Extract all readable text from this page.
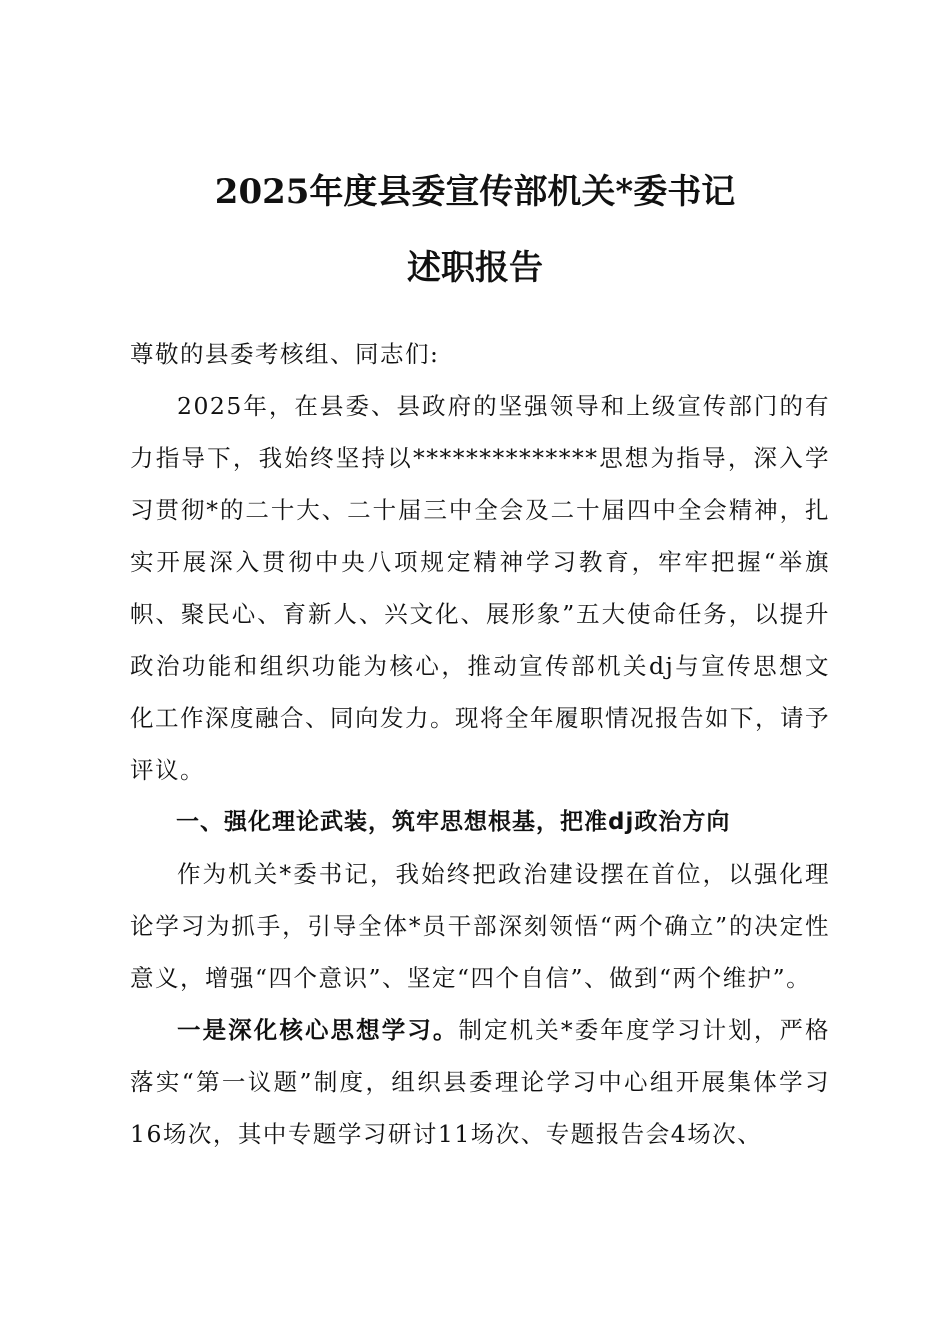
2025年度县委宣传部机关*委书记
述职报告

尊敬的县委考核组、同志们:

2025年，在县委、县政府的坚强领导和上级宣传部门的有力指导下，我始终坚持以**************思想为指导，深入学习贯彻*的二十大、二十届三中全会及二十届四中全会精神，扎实开展深入贯彻中央八项规定精神学习教育，牢牢把握“举旗帜、聚民心、育新人、兴文化、展形象”五大使命任务，以提升政治功能和组织功能为核心，推动宣传部机关dj与宣传思想文化工作深度融合、同向发力。现将全年履职情况报告如下，请予评议。

一、强化理论武装，筑牢思想根基，把准dj政治方向

作为机关*委书记，我始终把政治建设摆在首位，以强化理论学习为抓手，引导全体*员干部深刻领悟“两个确立”的决定性意义，增强“四个意识”、坚定“四个自信”、做到“两个维护”。

一是深化核心思想学习。制定机关*委年度学习计划，严格落实“第一议题”制度，组织县委理论学习中心组开展集体学习16场次，其中专题学习研讨11场次、专题报告会4场次、
